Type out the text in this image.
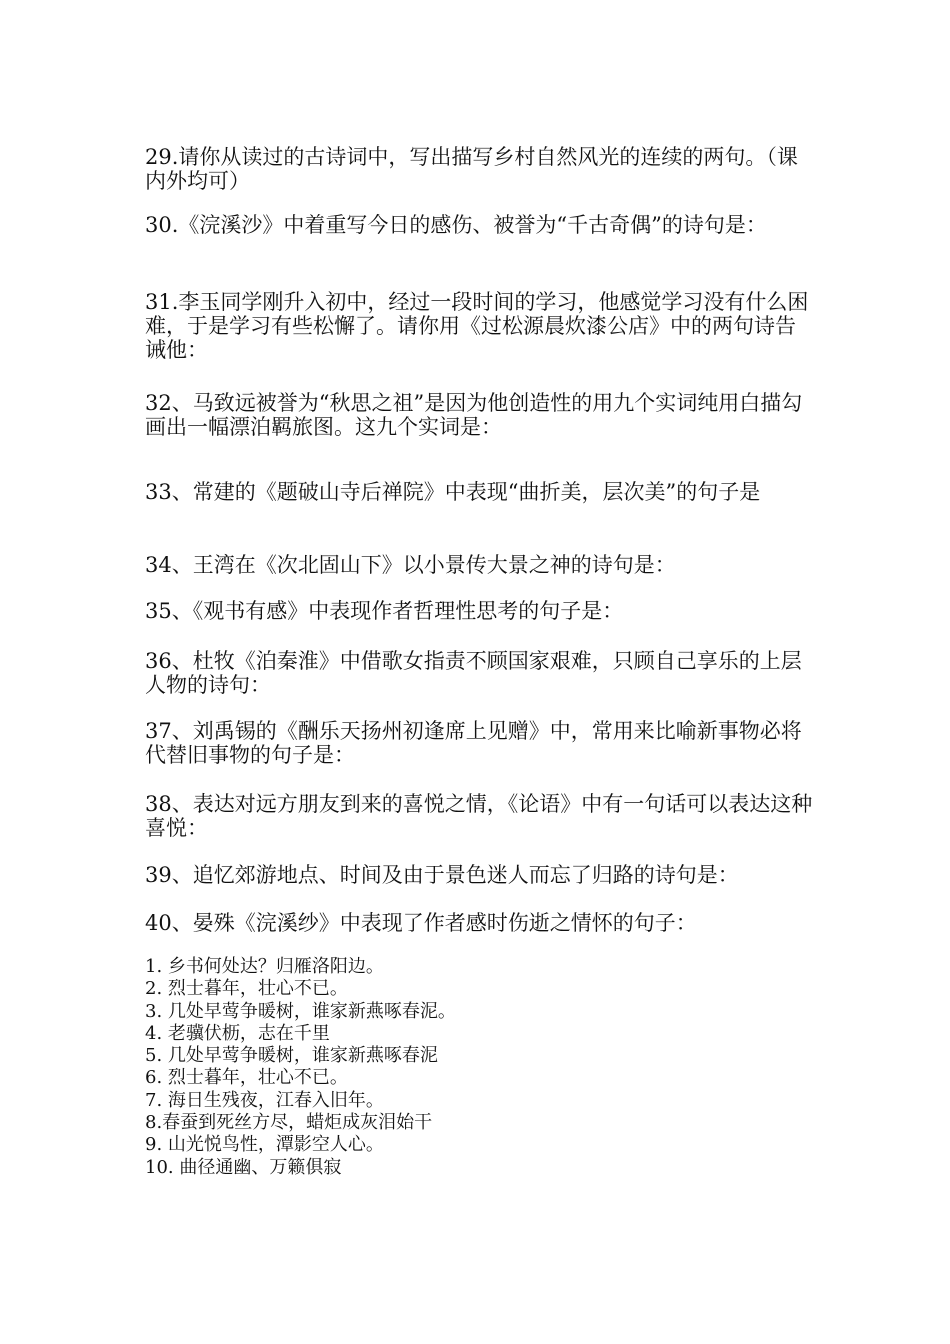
29.请你从读过的古诗词中，写出描写乡村自然风光的连续的两句。（课内外均可）

30.《浣溪沙》中着重写今日的感伤、被誉为“千古奇偶”的诗句是：

31.李玉同学刚升入初中，经过一段时间的学习，他感觉学习没有什么困难，于是学习有些松懈了。请你用《过松源晨炊漆公店》中的两句诗告诫他：

32、马致远被誉为“秋思之祖”是因为他创造性的用九个实词纯用白描勾画出一幅漂泊羁旅图。这九个实词是：

33、常建的《题破山寺后禅院》中表现“曲折美，层次美”的句子是

34、王湾在《次北固山下》以小景传大景之神的诗句是：

35、《观书有感》中表现作者哲理性思考的句子是：

36、杜牧《泊秦淮》中借歌女指责不顾国家艰难，只顾自己享乐的上层人物的诗句：

37、刘禹锡的《酬乐天扬州初逢席上见赠》中，常用来比喻新事物必将代替旧事物的句子是：

38、表达对远方朋友到来的喜悦之情，《论语》中有一句话可以表达这种喜悦：

39、追忆郊游地点、时间及由于景色迷人而忘了归路的诗句是：

40、晏殊《浣溪纱》中表现了作者感时伤逝之情怀的句子：

1. 乡书何处达？归雁洛阳边。
2. 烈士暮年，壮心不已。
3. 几处早莺争暖树，谁家新燕啄春泥。
4. 老骥伏枥，志在千里
5. 几处早莺争暖树，谁家新燕啄春泥
6. 烈士暮年，壮心不已。
7. 海日生残夜，江春入旧年。
8.春蚕到死丝方尽，蜡炬成灰泪始干
9. 山光悦鸟性，潭影空人心。
10. 曲径通幽、万籁俱寂
